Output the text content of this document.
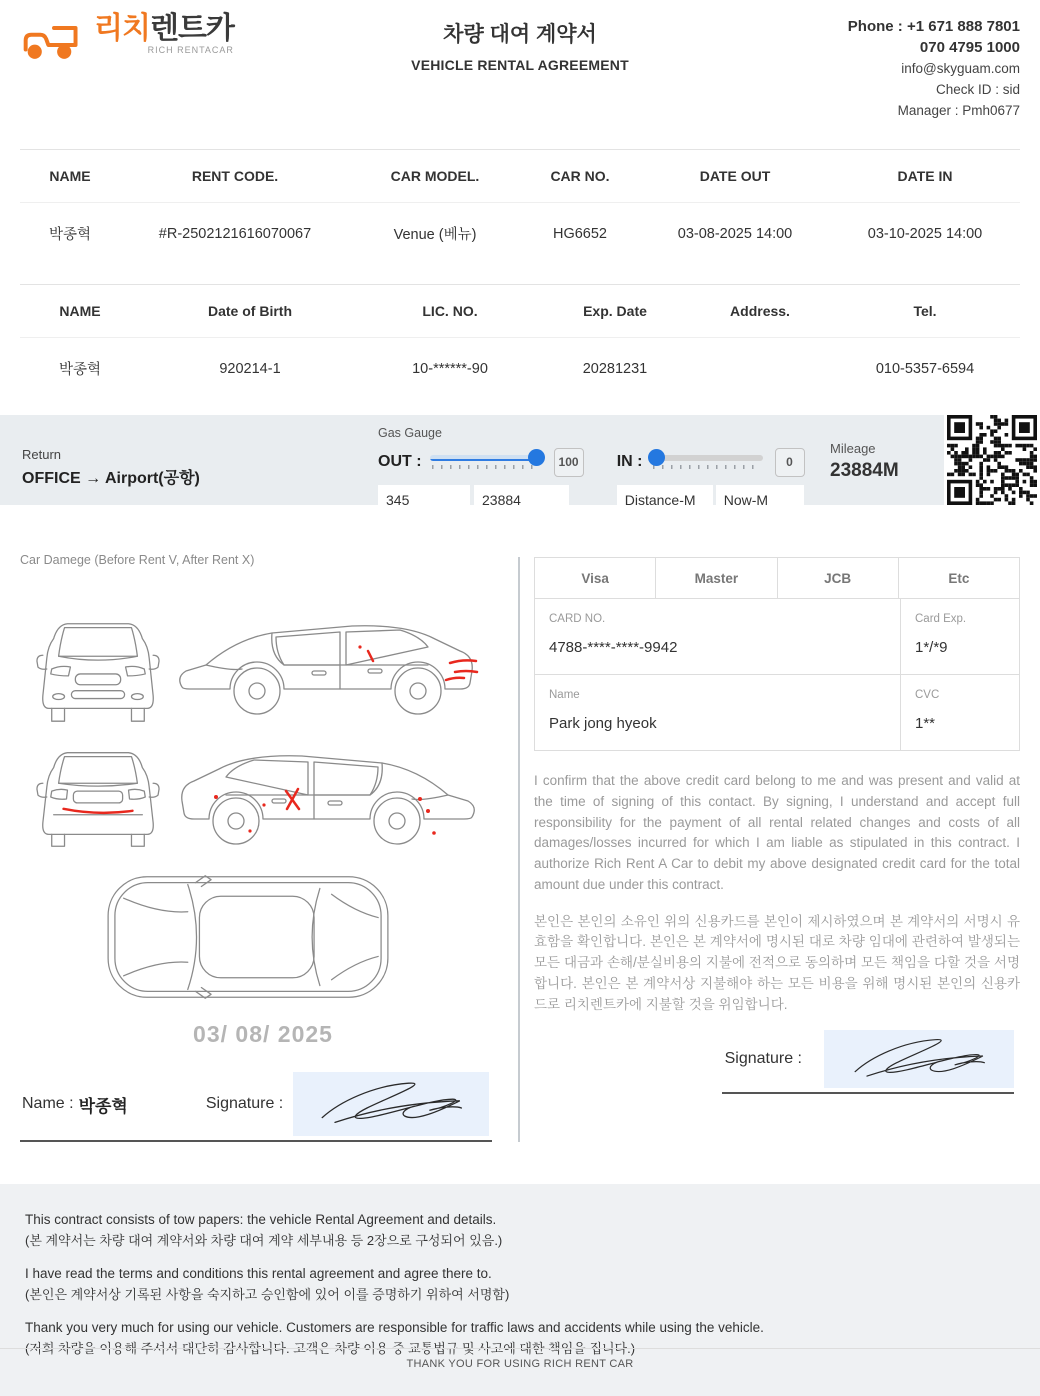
리치렌트카
RICH RENTACAR
차량 대여 계약서
VEHICLE RENTAL AGREEMENT
Phone : +1 671 888 7801
070 4795 1000
info@skyguam.com
Check ID : sid
Manager : Pmh0677
NAME	RENT CODE.	CAR MODEL.	CAR NO.	DATE OUT	DATE IN
박종혁	#R-2502121616070067	Venue (베뉴)	HG6652	03-08-2025 14:00	03-10-2025 14:00
NAME	Date of Birth	LIC. NO.	Exp. Date	Address.	Tel.
박종혁	920214-1	10-******-90	20281231		010-5357-6594
Return
OFFICE → Airport(공항)
Gas Gauge
OUT :	100
345
23884	IN :	0
Distance-M
Now-M
Mileage
23884M
Car Damege (Before Rent V, After Rent X)
03/ 08/ 2025
Name : 박종혁	Signature :
Visa	Master	JCB	Etc
CARD NO.
4788-****-****-9942
Card Exp.
1*/*9
Name
Park jong hyeok
CVC
1**
I confirm that the above credit card belong to me and was present and valid at the time of signing of this contact. By signing, I understand and accept full responsibility for the payment of all rental related changes and costs of all damages/losses incurred for which I am liable as stipulated in this contract. I authorize Rich Rent A Car to debit my above designated credit card for the total amount due under this contract.
본인은 본인의 소유인 위의 신용카드를 본인이 제시하였으며 본 계약서의 서명시 유효함을 확인합니다. 본인은 본 계약서에 명시된 대로 차량 임대에 관련하여 발생되는 모든 대금과 손해/분실비용의 지불에 전적으로 동의하며 모든 책임을 다할 것을 서명합니다. 본인은 본 계약서상 지불해야 하는 모든 비용을 위해 명시된 본인의 신용카드로 리치렌트카에 지불할 것을 위임합니다.
Signature :
This contract consists of tow papers: the vehicle Rental Agreement and details.
(본 계약서는 차량 대여 계약서와 차량 대여 계약 세부내용 등 2장으로 구성되어 있음.)
I have read the terms and conditions this rental agreement and agree there to.
(본인은 계약서상 기록된 사항을 숙지하고 승인함에 있어 이를 증명하기 위하여 서명함)
Thank you very much for using our vehicle. Customers are responsible for traffic laws and accidents while using the vehicle.
(저희 차량을 이용해 주셔서 대단히 감사합니다. 고객은 차량 이용 중 교통법규 및 사고에 대한 책임을 집니다.)
THANK YOU FOR USING RICH RENT CAR
